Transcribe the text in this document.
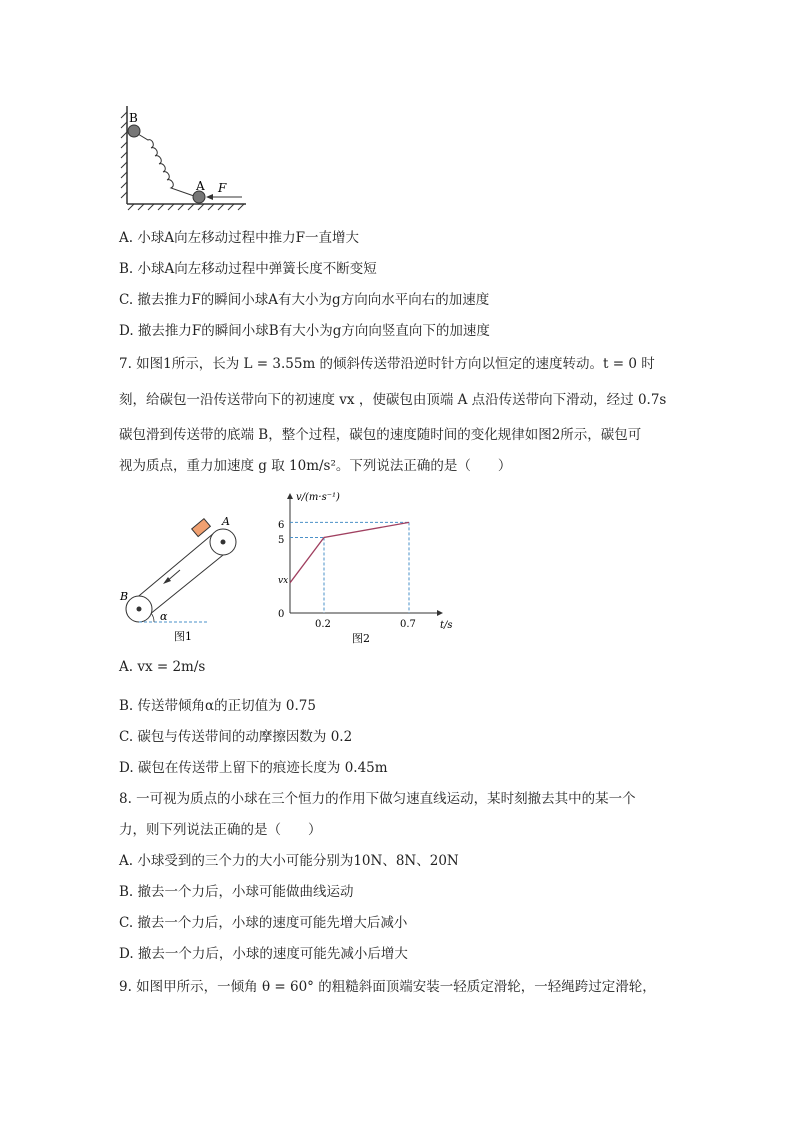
B
A F
A. 小球A向左移动过程中推力F一直增大
B. 小球A向左移动过程中弹簧长度不断变短
C. 撤去推力F的瞬间小球A有大小为g方向向水平向右的加速度
D. 撤去推力F的瞬间小球B有大小为g方向向竖直向下的加速度
7. 如图1所示，长为 L = 3.55m 的倾斜传送带沿逆时针方向以恒定的速度转动。t = 0 时
刻，给碳包一沿传送带向下的初速度 vx ，使碳包由顶端 A 点沿传送带向下滑动，经过 0.7s
碳包滑到传送带的底端 B，整个过程，碳包的速度随时间的变化规律如图2所示，碳包可
视为质点，重力加速度 g 取 10m/s²。下列说法正确的是（　　）
α
A
B
图1
v/(m·s⁻¹)
t/s
6
5
vx
0
0.2	0.7
图2
A. vx = 2m/s
B. 传送带倾角α的正切值为 0.75
C. 碳包与传送带间的动摩擦因数为 0.2
D. 碳包在传送带上留下的痕迹长度为 0.45m
8. 一可视为质点的小球在三个恒力的作用下做匀速直线运动，某时刻撤去其中的某一个
力，则下列说法正确的是（　　）
A. 小球受到的三个力的大小可能分别为10N、8N、20N
B. 撤去一个力后，小球可能做曲线运动
C. 撤去一个力后，小球的速度可能先增大后减小
D. 撤去一个力后，小球的速度可能先减小后增大
9. 如图甲所示，一倾角 θ = 60° 的粗糙斜面顶端安装一轻质定滑轮，一轻绳跨过定滑轮，
